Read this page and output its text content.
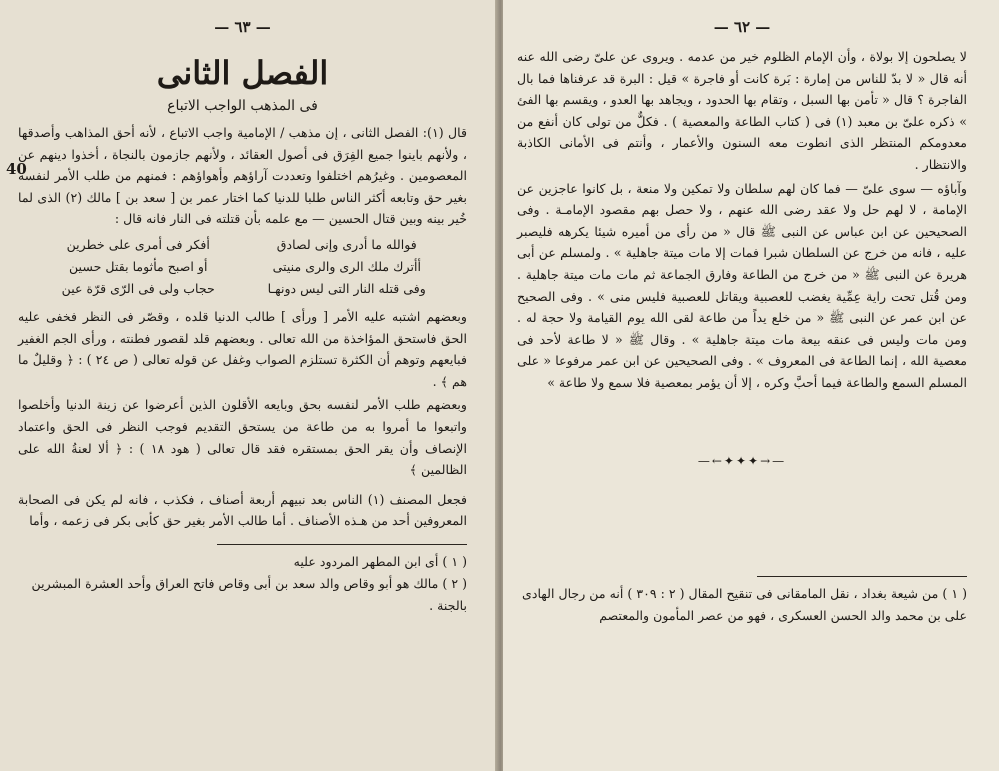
— ٦٣ —
الفصل الثانى
فى المذهب الواجب الاتباع
40

قال (١): الفصل الثانى ، إن مذهب / الإمامية واجب الاتباع ، لأنه أحق المذاهب وأصدقها ، ولأنهم باينوا جميع الفِرَق فى أصول العقائد ، ولأنهم جازمون بالنجاة ، أخذوا دينهم عن المعصومين . وغيرُهم اختلفوا وتعددت آراؤهم وأهواؤهم : فمنهم من طلب الأمر لنفسه بغير حق وتابعه أكثر الناس طلبا للدنيا كما اختار عمر بن [ سعد بن ] مالك (٢) الذى لما خُير بينه وبين قتال الحسين — مع علمه بأن قتلته فى النار فانه قال :

فوالله ما أدرى وإنى لصادق
أفكر فى أمرى على خطرين
أأترك ملك الرى والرى منيتى
أو اصبح مأثوما بقتل حسين
وفى قتله النار التى ليس دونهـا
حجاب ولى فى الرّى قرّة عين

وبعضهم اشتبه عليه الأمر [ ورأى ] طالب الدنيا قلده ، وقصّر فى النظر فخفى عليه الحق فاستحق المؤاخذة من الله تعالى . وبعضهم قلد لقصور فطنته ، ورأى الجم الغفير فبايعهم وتوهم أن الكثرة تستلزم الصواب وغفل عن قوله تعالى ( ص ٢٤ ) : ﴿ وقليلٌ ما هم ﴾ .

وبعضهم طلب الأمر لنفسه بحق وبايعه الأقلون الذين أعرضوا عن زينة الدنيا وأخلصوا واتبعوا ما أمروا به من طاعة من يستحق التقديم فوجب النظر فى الحق واعتماد الإنصاف وأن يقر الحق بمستقره فقد قال تعالى ( هود ١٨ ) : ﴿ ألا لعنةُ الله على الظالمين ﴾

فجعل المصنف (١) الناس بعد نبيهم أربعة أصناف ، فكذب ، فانه لم يكن فى الصحابة المعروفين أحد من هـذه الأصناف . أما طالب الأمر بغير حق كأبى بكر فى زعمه ، وأما

( ١ ) أى ابن المطهر المردود عليه

( ٢ ) مالك هو أبو وقاص والد سعد بن أبى وقاص فاتح العراق وأحد العشرة المبشرين بالجنة .

— ٦٢ —

لا يصلحون إلا بولاة ، وأن الإمام الظلوم خير من عدمه . ويروى عن علىّ رضى الله عنه أنه قال « لا بدّ للناس من إمارة : بَرة كانت أو فاجرة » قيل : البرة قد عرفناها فما بال الفاجرة ؟ قال « تأمن بها السبل ، وتقام بها الحدود ، ويجاهد بها العدو ، ويقسم بها الفئ » ذكره علىّ بن معبد (١) فى ( كتاب الطاعة والمعصية ) . فكلٌّ من تولى كان أنفع من معدومكم المنتظر الذى انطوت معه السنون والأعمار ، وأنتم فى الأمانى الكاذبة والانتظار .

وآباؤه — سوى علىّ — فما كان لهم سلطان ولا تمكين ولا منعة ، بل كانوا عاجزين عن الإمامة ، لا لهم حل ولا عقد رضى الله عنهم ، ولا حصل بهم مقصود الإمامـة . وفى الصحيحين عن ابن عباس عن النبى ﷺ قال « من رأى من أميره شيئا يكرهه فليصبر عليه ، فانه من خرج عن السلطان شبرا فمات إلا مات ميتة جاهلية » . ولمسلم عن أبى هريرة عن النبى ﷺ « من خرج من الطاعة وفارق الجماعة ثم مات مات ميتة جاهلية . ومن قُتل تحت راية عِمِّية يغضب للعصبية ويقاتل للعصبية فليس منى » . وفى الصحيح عن ابن عمر عن النبى ﷺ « من خلع يداً من طاعة لقى الله يوم القيامة ولا حجة له . ومن مات وليس فى عنقه بيعة مات ميتة جاهلية » . وقال ﷺ « لا طاعة لأحد فى معصية الله ، إنما الطاعة فى المعروف » . وفى الصحيحين عن ابن عمر مرفوعا « على المسلم السمع والطاعة فيما أحبَّ وكره ، إلا أن يؤمر بمعصية فلا سمع ولا طاعة »

—→✦✦✦←—

( ١ ) من شيعة بغداد ، نقل المامقانى فى تنقيح المقال ( ٢ : ٣٠٩ ) أنه من رجال الهادى على بن محمد والد الحسن العسكرى ، فهو من عصر المأمون والمعتصم
